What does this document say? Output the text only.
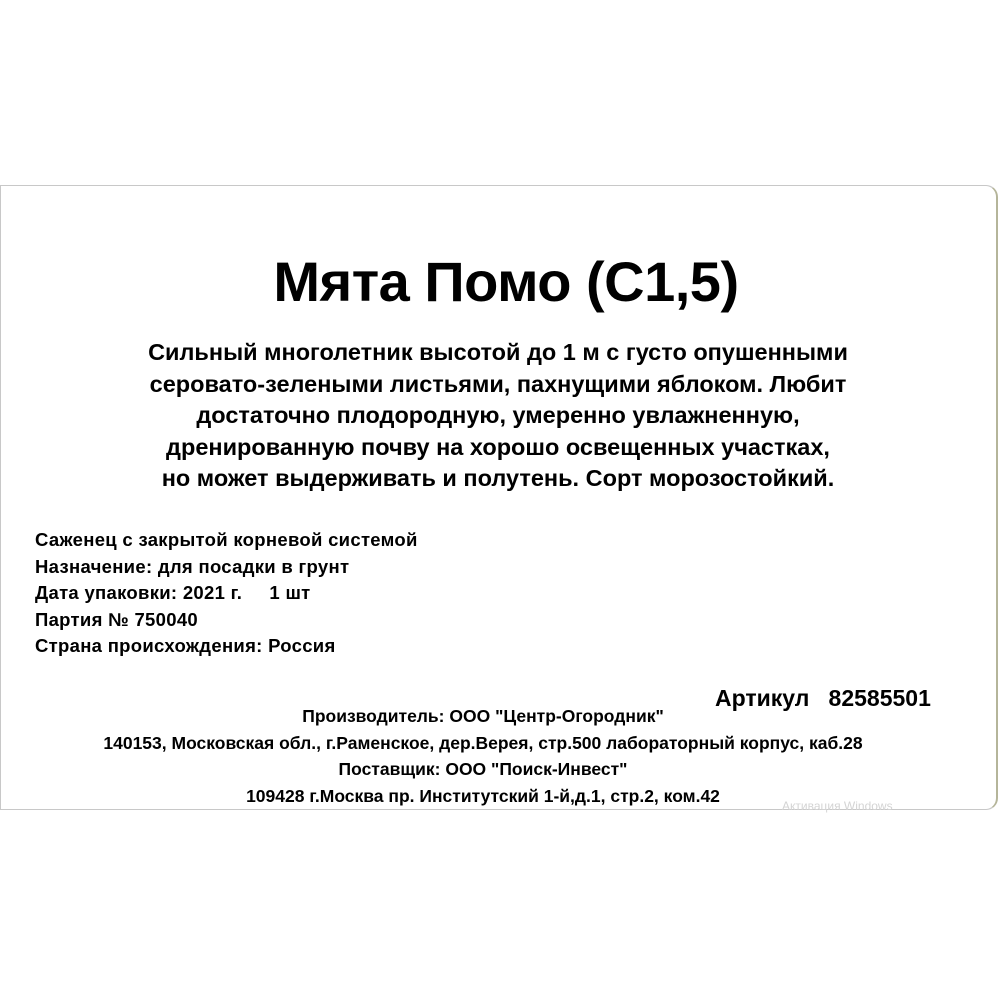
Мята Помо (С1,5)
Сильный многолетник высотой до 1 м с густо опушенными
серовато-зелеными листьями, пахнущими яблоком. Любит
достаточно плодородную, умеренно увлажненную,
дренированную почву на хорошо освещенных участках,
но может выдерживать и полутень. Сорт морозостойкий.
Саженец с закрытой корневой системой
Назначение: для посадки в грунт
Дата упаковки: 2021 г.     1 шт
Партия № 750040
Страна происхождения: Россия
Артикул   82585501
Производитель: ООО "Центр-Огородник"
140153, Московская обл., г.Раменское, дер.Верея, стр.500 лабораторный корпус, каб.28
Поставщик: ООО "Поиск-Инвест"
109428 г.Москва пр. Институтский 1-й,д.1, стр.2, ком.42
Активация Windows
